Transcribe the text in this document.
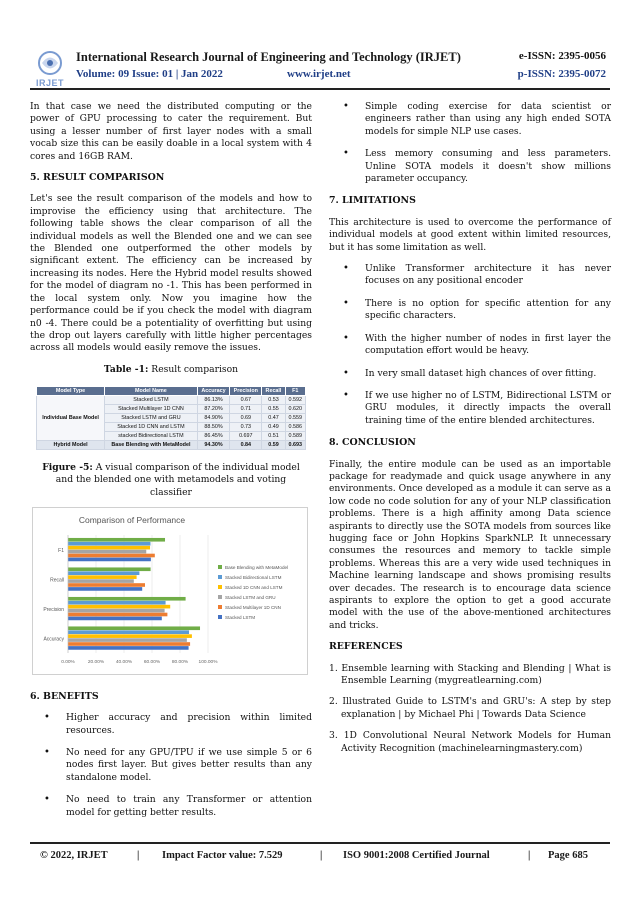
IRJET
International Research Journal of Engineering and Technology (IRJET)	e-ISSN: 2395-0056
Volume: 09 Issue: 01 | Jan 2022	www.irjet.net	p-ISSN: 2395-0072

In that case we need the distributed computing or the power of GPU processing to cater the requirement. But using a lesser number of first layer nodes with a small vocab size this can be easily doable in a local system with 4 cores and 16GB RAM.

5. RESULT COMPARISON

Let's see the result comparison of the models and how to improvise the efficiency using that architecture. The following table shows the clear comparison of all the individual models as well the Blended one and we can see the Blended one outperformed the other models by significant extent. The efficiency can be increased by increasing its nodes. Here the Hybrid model results showed for the model of diagram no -1. This has been performed in the local system only. Now you imagine how the performance could be if you check the model with diagram n0 -4. There could be a potentiality of overfitting but using the drop out layers carefully with little higher percentages across all models would easily remove the issues.

Table -1: Result comparison
Model Type	Model Name	Accuracy	Precision	Recall	F1
Individual Base Model	Stacked LSTM	86.13%	0.67	0.53	0.592
	Stacked Multilayer 1D CNN	87.20%	0.71	0.55	0.620
	Stacked LSTM and GRU	84.90%	0.69	0.47	0.559
	Stacked 1D CNN and LSTM	88.50%	0.73	0.49	0.586
	stacked Bidirectional LSTM	86.45%	0.697	0.51	0.589
Hybrid Model	Base Blending with MetaModel	94.30%	0.84	0.59	0.693
Figure -5: A visual comparison of the individual model and the blended one with metamodels and voting classifier
Comparison of Performance
0.00%	20.00% 40.00% 60.00% 80.00% 100.00%
Accuracy
Precision
Recall
F1
Base Blending with MetaModel
Stacked Bidirectional LSTM
Stacked 1D CNN and LSTM
Stacked LSTM and GRU
Stacked Multilayer 1D CNN
Stacked LSTM
6. BENEFITS
• Higher accuracy and precision within limited resources.
• No need for any GPU/TPU if we use simple 5 or 6 nodes first layer. But gives better results than any standalone model.
• No need to train any Transformer or attention model for getting better results.
• Simple coding exercise for data scientist or engineers rather than using any high ended SOTA models for simple NLP use cases.
• Less memory consuming and less parameters. Unline SOTA models it doesn't show millions parameter occupancy.
7. LIMITATIONS

This architecture is used to overcome the performance of individual models at good extent within limited resources, but it has some limitation as well.

• Unlike Transformer architecture it has never focuses on any positional encoder
• There is no option for specific attention for any specific characters.
• With the higher number of nodes in first layer the computation effort would be heavy.
• In very small dataset high chances of over fitting.
• If we use higher no of LSTM, Bidirectional LSTM or GRU modules, it directly impacts the overall training time of the entire blended architectures.
8. CONCLUSION

Finally, the entire module can be used as an importable package for readymade and quick usage anywhere in any environments. Once developed as a module it can serve as a low code no code solution for any of your NLP classification problems. There is a high affinity among Data science aspirants to directly use the SOTA models from sources like hugging face or John Hopkins SparkNLP. It unnecessary consumes the resources and memory to tackle simple problems. Whereas this are a very wide used techniques in Machine learning landscape and shows promising results over decades. The research is to encourage data science aspirants to explore the option to get a good accurate model with the use of the above-mentioned architectures and tricks.

REFERENCES
1. Ensemble learning with Stacking and Blending | What is Ensemble Learning (mygreatlearning.com)
2. Illustrated Guide to LSTM's and GRU's: A step by step explanation | by Michael Phi | Towards Data Science
3. 1D Convolutional Neural Network Models for Human Activity Recognition (machinelearningmastery.com)
© 2022, IRJET	| Impact Factor value: 7.529	| ISO 9001:2008 Certified Journal	| Page 685
